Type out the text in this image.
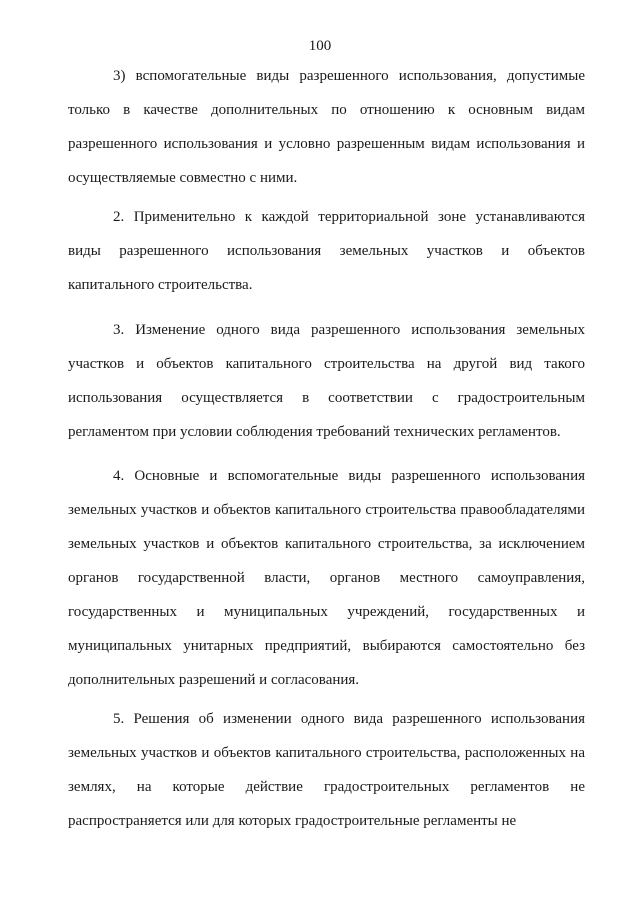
100

3) вспомогательные виды разрешенного использования, допустимые только в качестве дополнительных по отношению к основным видам разрешенного использования и условно разрешенным видам использования и осуществляемые совместно с ними.

2. Применительно к каждой территориальной зоне устанавливаются виды разрешенного использования земельных участков и объектов капитального строительства.

3. Изменение одного вида разрешенного использования земельных участков и объектов капитального строительства на другой вид такого использования осуществляется в соответствии с градостроительным регламентом при условии соблюдения требований технических регламентов.

4. Основные и вспомогательные виды разрешенного использования земельных участков и объектов капитального строительства правообладателями земельных участков и объектов капитального строительства, за исключением органов государственной власти, органов местного самоуправления, государственных и муниципальных учреждений, государственных и муниципальных унитарных предприятий, выбираются самостоятельно без дополнительных разрешений и согласования.

5. Решения об изменении одного вида разрешенного использования земельных участков и объектов капитального строительства, расположенных на землях, на которые действие градостроительных регламентов не распространяется или для которых градостроительные регламенты не
